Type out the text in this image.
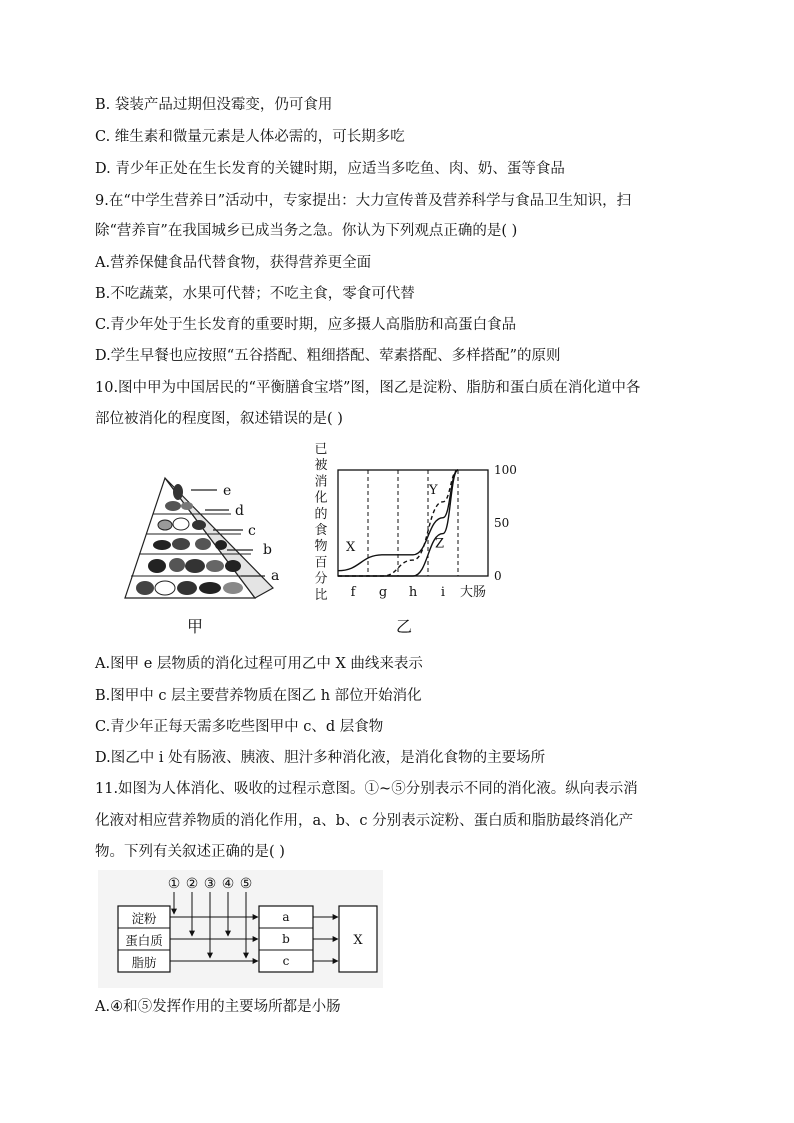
B. 袋装产品过期但没霉变，仍可食用
C. 维生素和微量元素是人体必需的，可长期多吃
D. 青少年正处在生长发育的关键时期，应适当多吃鱼、肉、奶、蛋等食品
9.在“中学生营养日”活动中，专家提出：大力宣传普及营养科学与食品卫生知识，扫
除“营养盲”在我国城乡已成当务之急。你认为下列观点正确的是( )
A.营养保健食品代替食物，获得营养更全面
B.不吃蔬菜，水果可代替；不吃主食，零食可代替
C.青少年处于生长发育的重要时期，应多摄人高脂肪和高蛋白食品
D.学生早餐也应按照“五谷搭配、粗细搭配、荤素搭配、多样搭配”的原则
10.图中甲为中国居民的“平衡膳食宝塔”图，图乙是淀粉、脂肪和蛋白质在消化道中各
部位被消化的程度图，叙述错误的是( )
e
d
c
b
a
甲
已
被
消
化
的
食
物
百
分
比
100
50
0
f g h i 大肠
X
Y
Z
乙
A.图甲 e 层物质的消化过程可用乙中 X 曲线来表示
B.图甲中 c 层主要营养物质在图乙 h 部位开始消化
C.青少年正每天需多吃些图甲中 c、d 层食物
D.图乙中 i 处有肠液、胰液、胆汁多种消化液，是消化食物的主要场所
11.如图为人体消化、吸收的过程示意图。①~⑤分别表示不同的消化液。纵向表示消
化液对相应营养物质的消化作用，a、b、c 分别表示淀粉、蛋白质和脂肪最终消化产
物。下列有关叙述正确的是( )
① ② ③ ④ ⑤
淀粉
蛋白质
脂肪
a
b
c
X
A.④和⑤发挥作用的主要场所都是小肠
